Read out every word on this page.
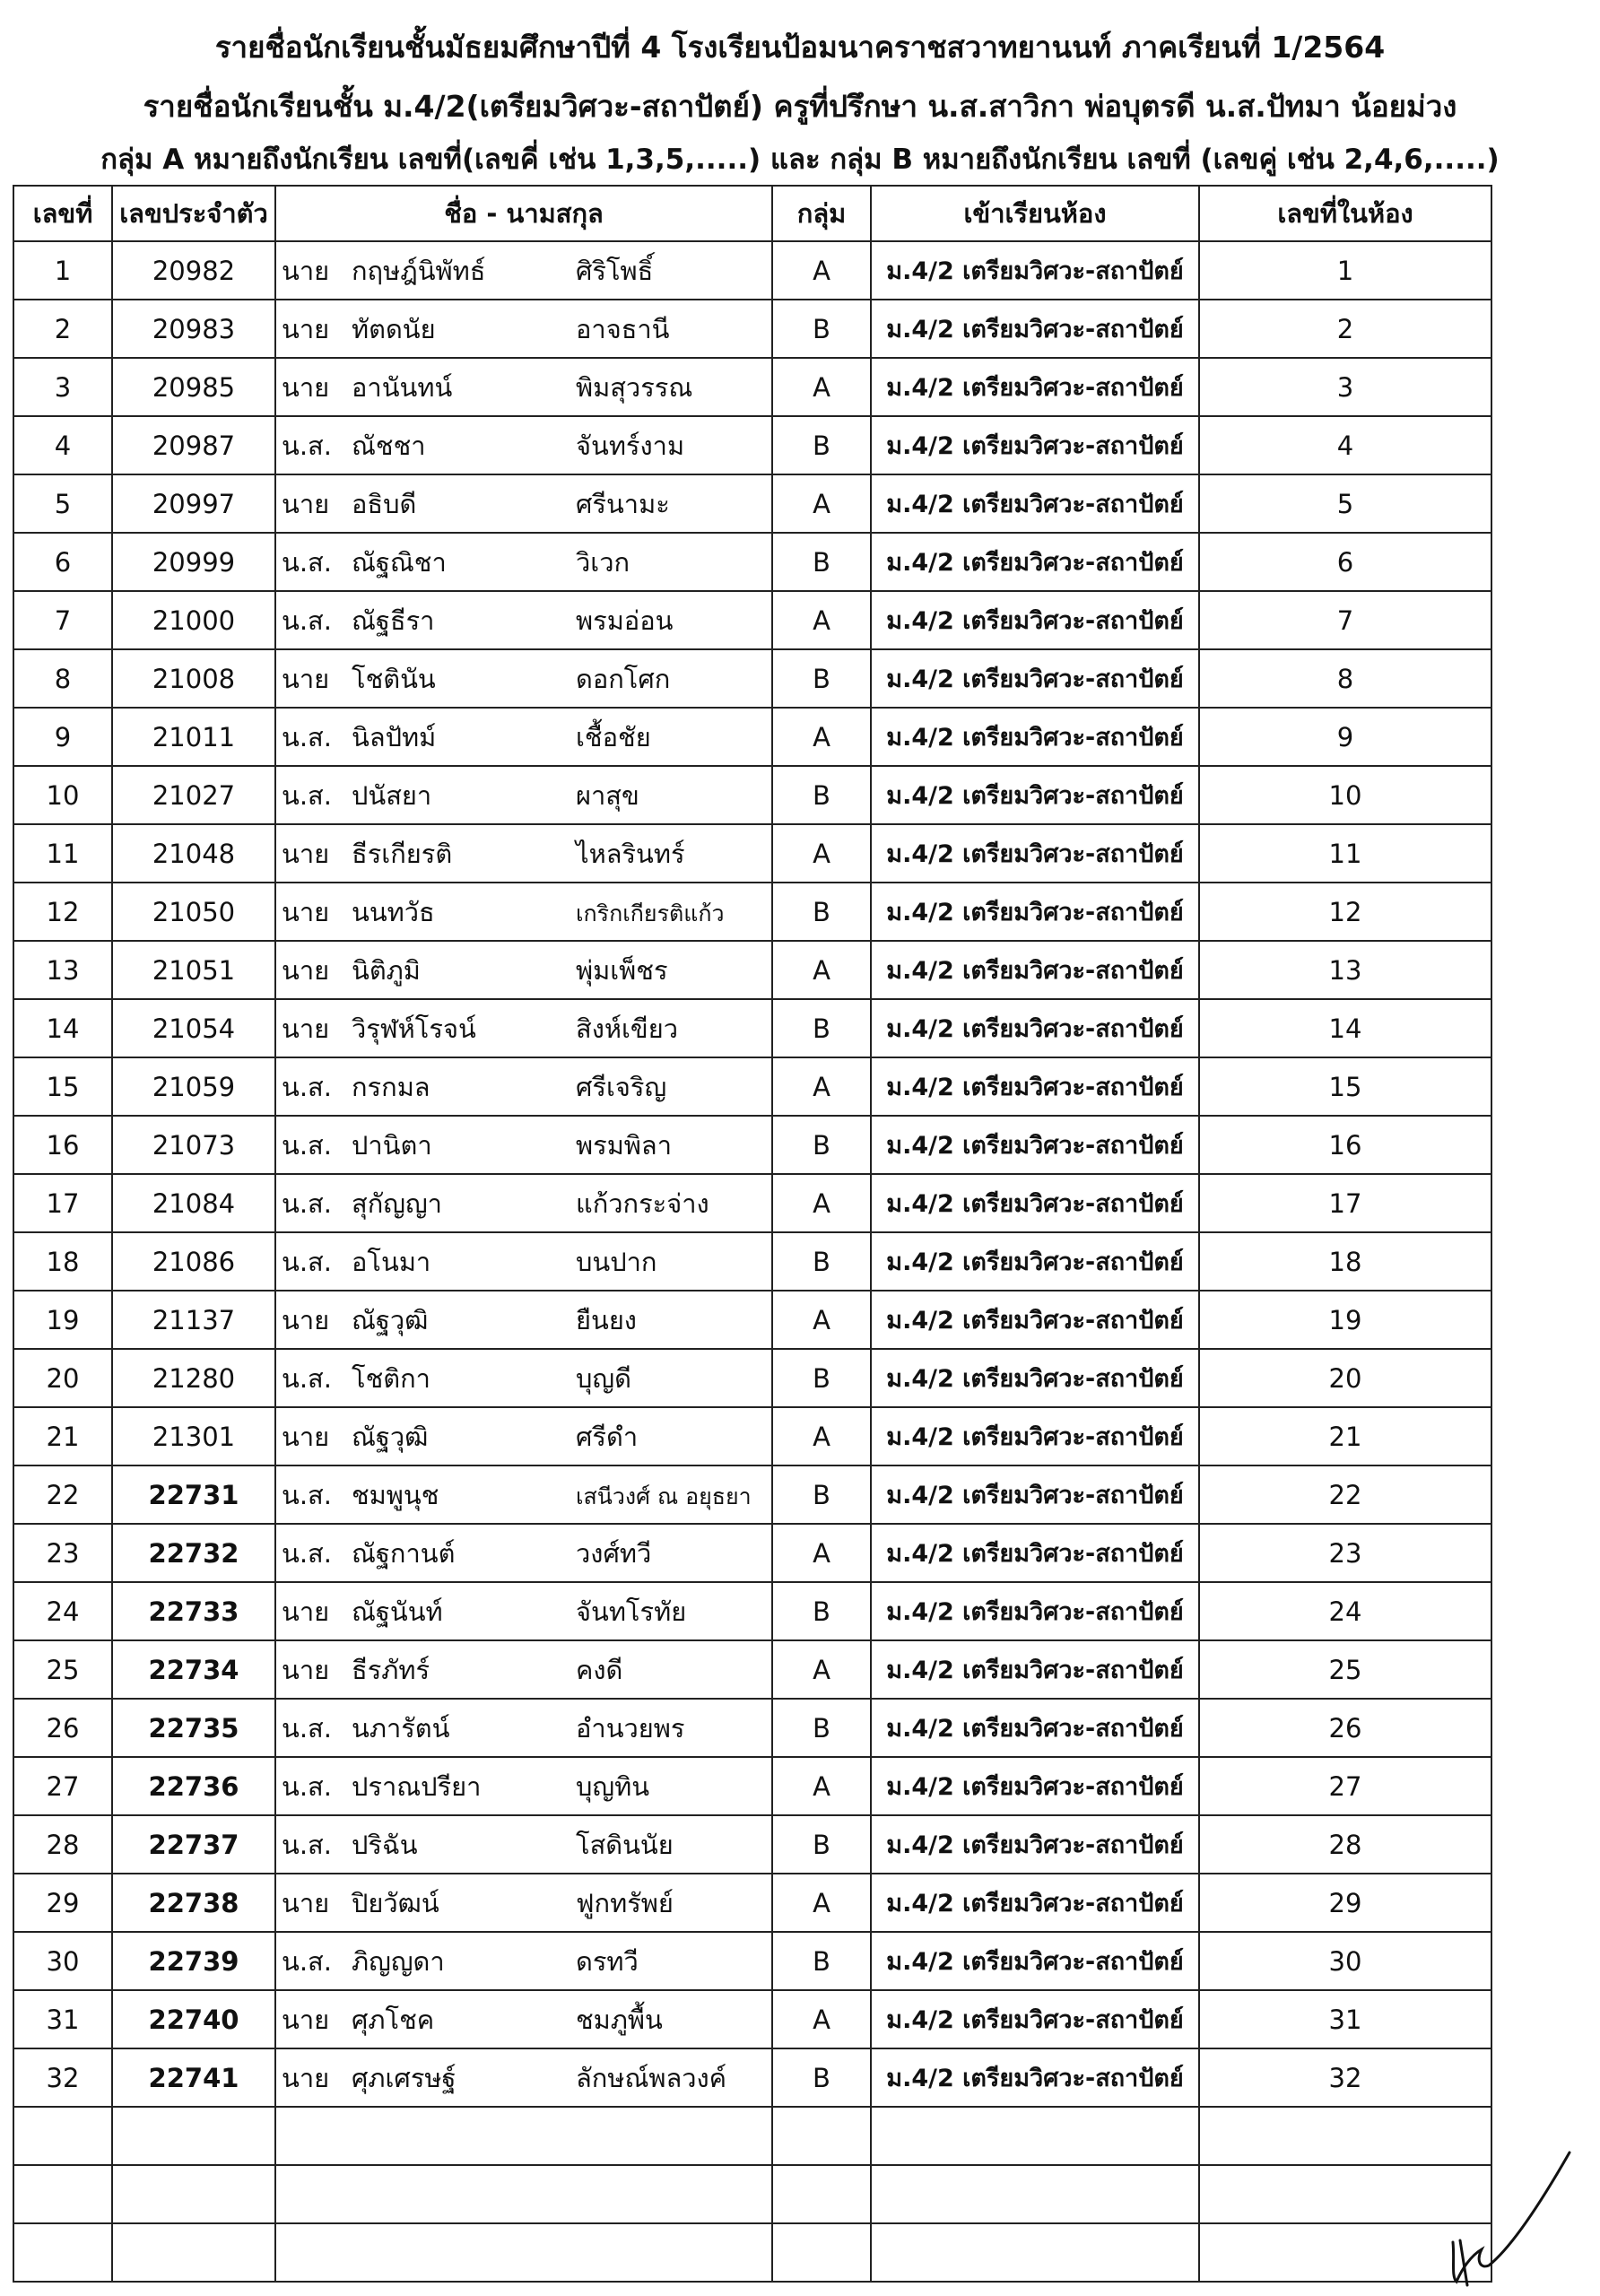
รายชื่อนักเรียนชั้นมัธยมศึกษาปีที่ 4 โรงเรียนป้อมนาคราชสวาทยานนท์ ภาคเรียนที่ 1/2564
รายชื่อนักเรียนชั้น ม.4/2(เตรียมวิศวะ-สถาปัตย์) ครูที่ปรึกษา น.ส.สาวิกา พ่อบุตรดี น.ส.ปัทมา น้อยม่วง
กลุ่ม A หมายถึงนักเรียน เลขที่(เลขคี่ เช่น 1,3,5,.....) และ กลุ่ม B หมายถึงนักเรียน เลขที่ (เลขคู่ เช่น 2,4,6,.....)
เลขที่	เลขประจำตัว	ชื่อ - นามสกุล	กลุ่ม	เข้าเรียนห้อง	เลขที่ในห้อง
1	20982	นาย กฤษฎ์นิพัทธ์ ศิริโพธิ์	A	ม.4/2 เตรียมวิศวะ-สถาปัตย์	1
2	20983	นาย ทัตดนัย อาจธานี	B	ม.4/2 เตรียมวิศวะ-สถาปัตย์	2
3	20985	นาย อานันทน์ พิมสุวรรณ	A	ม.4/2 เตรียมวิศวะ-สถาปัตย์	3
4	20987	น.ส. ณัชชา จันทร์งาม	B	ม.4/2 เตรียมวิศวะ-สถาปัตย์	4
5	20997	นาย อธิบดี ศรีนามะ	A	ม.4/2 เตรียมวิศวะ-สถาปัตย์	5
6	20999	น.ส. ณัฐณิชา วิเวก	B	ม.4/2 เตรียมวิศวะ-สถาปัตย์	6
7	21000	น.ส. ณัฐธีรา พรมอ่อน	A	ม.4/2 เตรียมวิศวะ-สถาปัตย์	7
8	21008	นาย โชตินัน ดอกโศก	B	ม.4/2 เตรียมวิศวะ-สถาปัตย์	8
9	21011	น.ส. นิลปัทม์ เชื้อชัย	A	ม.4/2 เตรียมวิศวะ-สถาปัตย์	9
10	21027	น.ส. ปนัสยา ผาสุข	B	ม.4/2 เตรียมวิศวะ-สถาปัตย์	10
11	21048	นาย ธีรเกียรติ ไหลรินทร์	A	ม.4/2 เตรียมวิศวะ-สถาปัตย์	11
12	21050	นาย นนทวัธ เกริกเกียรติแก้ว	B	ม.4/2 เตรียมวิศวะ-สถาปัตย์	12
13	21051	นาย นิติภูมิ พุ่มเพ็ชร	A	ม.4/2 เตรียมวิศวะ-สถาปัตย์	13
14	21054	นาย วิรุฬห์โรจน์ สิงห์เขียว	B	ม.4/2 เตรียมวิศวะ-สถาปัตย์	14
15	21059	น.ส. กรกมล ศรีเจริญ	A	ม.4/2 เตรียมวิศวะ-สถาปัตย์	15
16	21073	น.ส. ปานิตา พรมพิลา	B	ม.4/2 เตรียมวิศวะ-สถาปัตย์	16
17	21084	น.ส. สุกัญญา แก้วกระจ่าง	A	ม.4/2 เตรียมวิศวะ-สถาปัตย์	17
18	21086	น.ส. อโนมา บนปาก	B	ม.4/2 เตรียมวิศวะ-สถาปัตย์	18
19	21137	นาย ณัฐวุฒิ ยืนยง	A	ม.4/2 เตรียมวิศวะ-สถาปัตย์	19
20	21280	น.ส. โชติกา บุญดี	B	ม.4/2 เตรียมวิศวะ-สถาปัตย์	20
21	21301	นาย ณัฐวุฒิ ศรีดำ	A	ม.4/2 เตรียมวิศวะ-สถาปัตย์	21
22	22731	น.ส. ชมพูนุช เสนีวงศ์ ณ อยุธยา	B	ม.4/2 เตรียมวิศวะ-สถาปัตย์	22
23	22732	น.ส. ณัฐกานต์ วงศ์ทวี	A	ม.4/2 เตรียมวิศวะ-สถาปัตย์	23
24	22733	นาย ณัฐนันท์ จันทโรทัย	B	ม.4/2 เตรียมวิศวะ-สถาปัตย์	24
25	22734	นาย ธีรภัทร์ คงดี	A	ม.4/2 เตรียมวิศวะ-สถาปัตย์	25
26	22735	น.ส. นภารัตน์ อำนวยพร	B	ม.4/2 เตรียมวิศวะ-สถาปัตย์	26
27	22736	น.ส. ปราณปรียา บุญทิน	A	ม.4/2 เตรียมวิศวะ-สถาปัตย์	27
28	22737	น.ส. ปริฉัน โสดินนัย	B	ม.4/2 เตรียมวิศวะ-สถาปัตย์	28
29	22738	นาย ปิยวัฒน์ ฟูกทรัพย์	A	ม.4/2 เตรียมวิศวะ-สถาปัตย์	29
30	22739	น.ส. ภิญญดา ดรทวี	B	ม.4/2 เตรียมวิศวะ-สถาปัตย์	30
31	22740	นาย ศุภโชค ชมภูพื้น	A	ม.4/2 เตรียมวิศวะ-สถาปัตย์	31
32	22741	นาย ศุภเศรษฐ์ ลักษณ์พลวงค์	B	ม.4/2 เตรียมวิศวะ-สถาปัตย์	32
